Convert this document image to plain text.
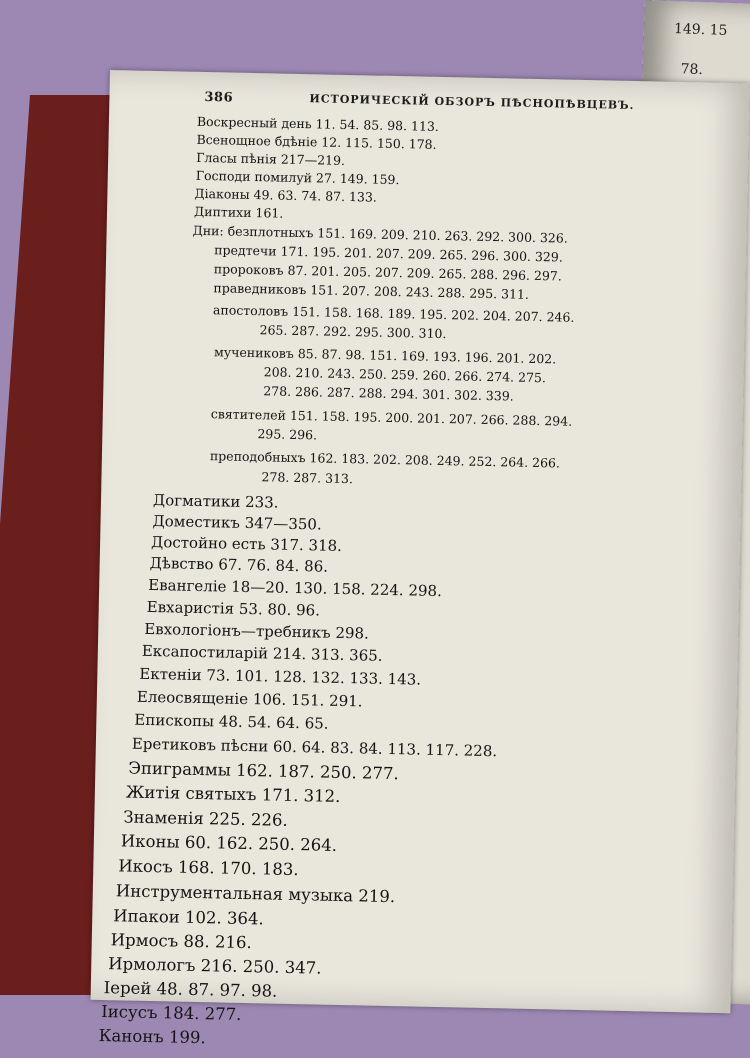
149. 15
78.
386	ИСТОРИЧЕСКІЙ ОБЗОРЪ ПѢСНОПѢВЦЕВЪ.
Воскресный день 11. 54. 85. 98. 113.
Всенощное бдѣніе 12. 115. 150. 178.
Гласы пѣнія 217—219.
Господи помилуй 27. 149. 159.
Діаконы 49. 63. 74. 87. 133.
Диптихи 161.
Дни: безплотныхъ 151. 169. 209. 210. 263. 292. 300. 326.
предтечи 171. 195. 201. 207. 209. 265. 296. 300. 329.
пророковъ 87. 201. 205. 207. 209. 265. 288. 296. 297.
праведниковъ 151. 207. 208. 243. 288. 295. 311.
апостоловъ 151. 158. 168. 189. 195. 202. 204. 207. 246.
265. 287. 292. 295. 300. 310.
мучениковъ 85. 87. 98. 151. 169. 193. 196. 201. 202.
208. 210. 243. 250. 259. 260. 266. 274. 275.
278. 286. 287. 288. 294. 301. 302. 339.
святителей 151. 158. 195. 200. 201. 207. 266. 288. 294.
295. 296.
преподобныхъ 162. 183. 202. 208. 249. 252. 264. 266.
278. 287. 313.
Догматики 233.
Доместикъ 347—350.
Достойно есть 317. 318.
Дѣвство 67. 76. 84. 86.
Евангеліе 18—20. 130. 158. 224. 298.
Евхаристія 53. 80. 96.
Евхологіонъ—требникъ 298.
Ексапостиларій 214. 313. 365.
Ектеніи 73. 101. 128. 132. 133. 143.
Елеосвященіе 106. 151. 291.
Епископы 48. 54. 64. 65.
Еретиковъ пѣсни 60. 64. 83. 84. 113. 117. 228.
Эпиграммы 162. 187. 250. 277.
Житія святыхъ 171. 312.
Знаменія 225. 226.
Иконы 60. 162. 250. 264.
Икосъ 168. 170. 183.
Инструментальная музыка 219.
Ипакои 102. 364.
Ирмосъ 88. 216.
Ирмологъ 216. 250. 347.
Іерей 48. 87. 97. 98.
Іисусъ 184. 277.
Канонъ 199.
